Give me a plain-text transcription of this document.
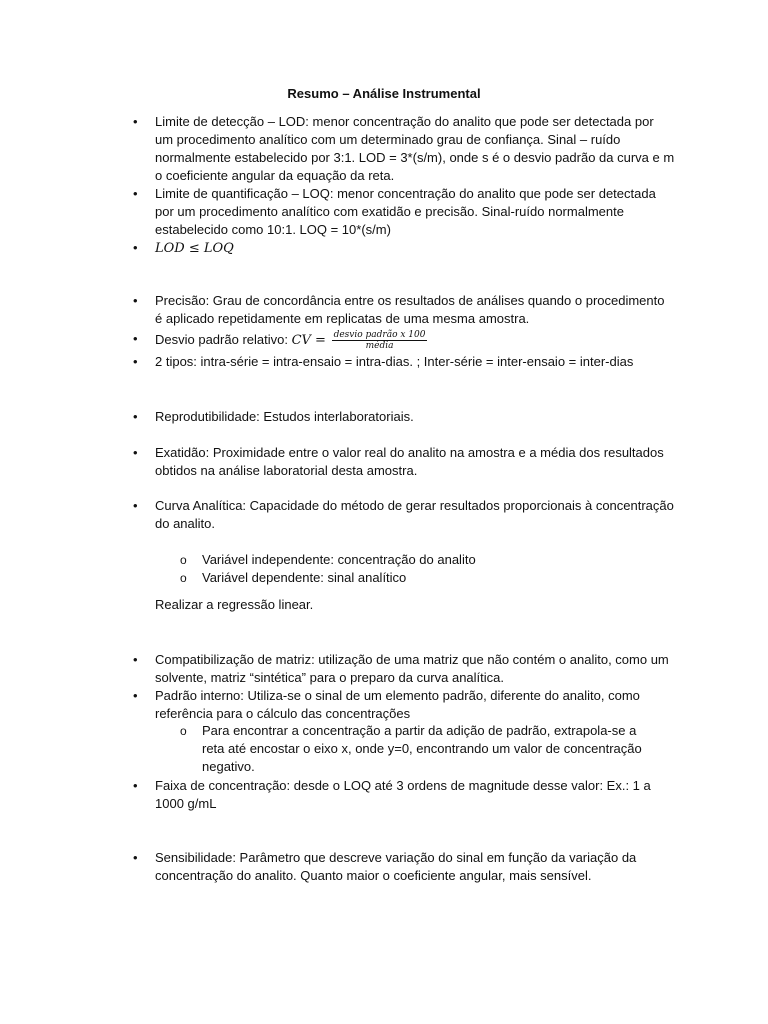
Resumo – Análise Instrumental
• Limite de detecção – LOD: menor concentração do analito que pode ser detectada por um procedimento analítico com um determinado grau de confiança. Sinal – ruído normalmente estabelecido por 3:1. LOD = 3*(s/m), onde s é o desvio padrão da curva e m o coeficiente angular da equação da reta.
• Limite de quantificação – LOQ: menor concentração do analito que pode ser detectada por um procedimento analítico com exatidão e precisão. Sinal-ruído normalmente estabelecido como 10:1. LOQ = 10*(s/m)
• LOD ≤ LOQ
• Precisão: Grau de concordância entre os resultados de análises quando o procedimento é aplicado repetidamente em replicatas de uma mesma amostra.
• Desvio padrão relativo: CV = $\frac{\text{desvio padrão x 100}}{\text{média}}$
• 2 tipos: intra-série = intra-ensaio = intra-dias. ; Inter-série = inter-ensaio = inter-dias
• Reprodutibilidade: Estudos interlaboratoriais.
• Exatidão: Proximidade entre o valor real do analito na amostra e a média dos resultados obtidos na análise laboratorial desta amostra.
• Curva Analítica: Capacidade do método de gerar resultados proporcionais à concentração do analito.
o Variável independente: concentração do analito
o Variável dependente: sinal analítico
Realizar a regressão linear.
• Compatibilização de matriz: utilização de uma matriz que não contém o analito, como um solvente, matriz “sintética” para o preparo da curva analítica.
• Padrão interno: Utiliza-se o sinal de um elemento padrão, diferente do analito, como referência para o cálculo das concentrações
o Para encontrar a concentração a partir da adição de padrão, extrapola-se a reta até encostar o eixo x, onde y=0, encontrando um valor de concentração negativo.
• Faixa de concentração: desde o LOQ até 3 ordens de magnitude desse valor: Ex.: 1 a 1000 g/mL
• Sensibilidade: Parâmetro que descreve variação do sinal em função da variação da concentração do analito. Quanto maior o coeficiente angular, mais sensível.
